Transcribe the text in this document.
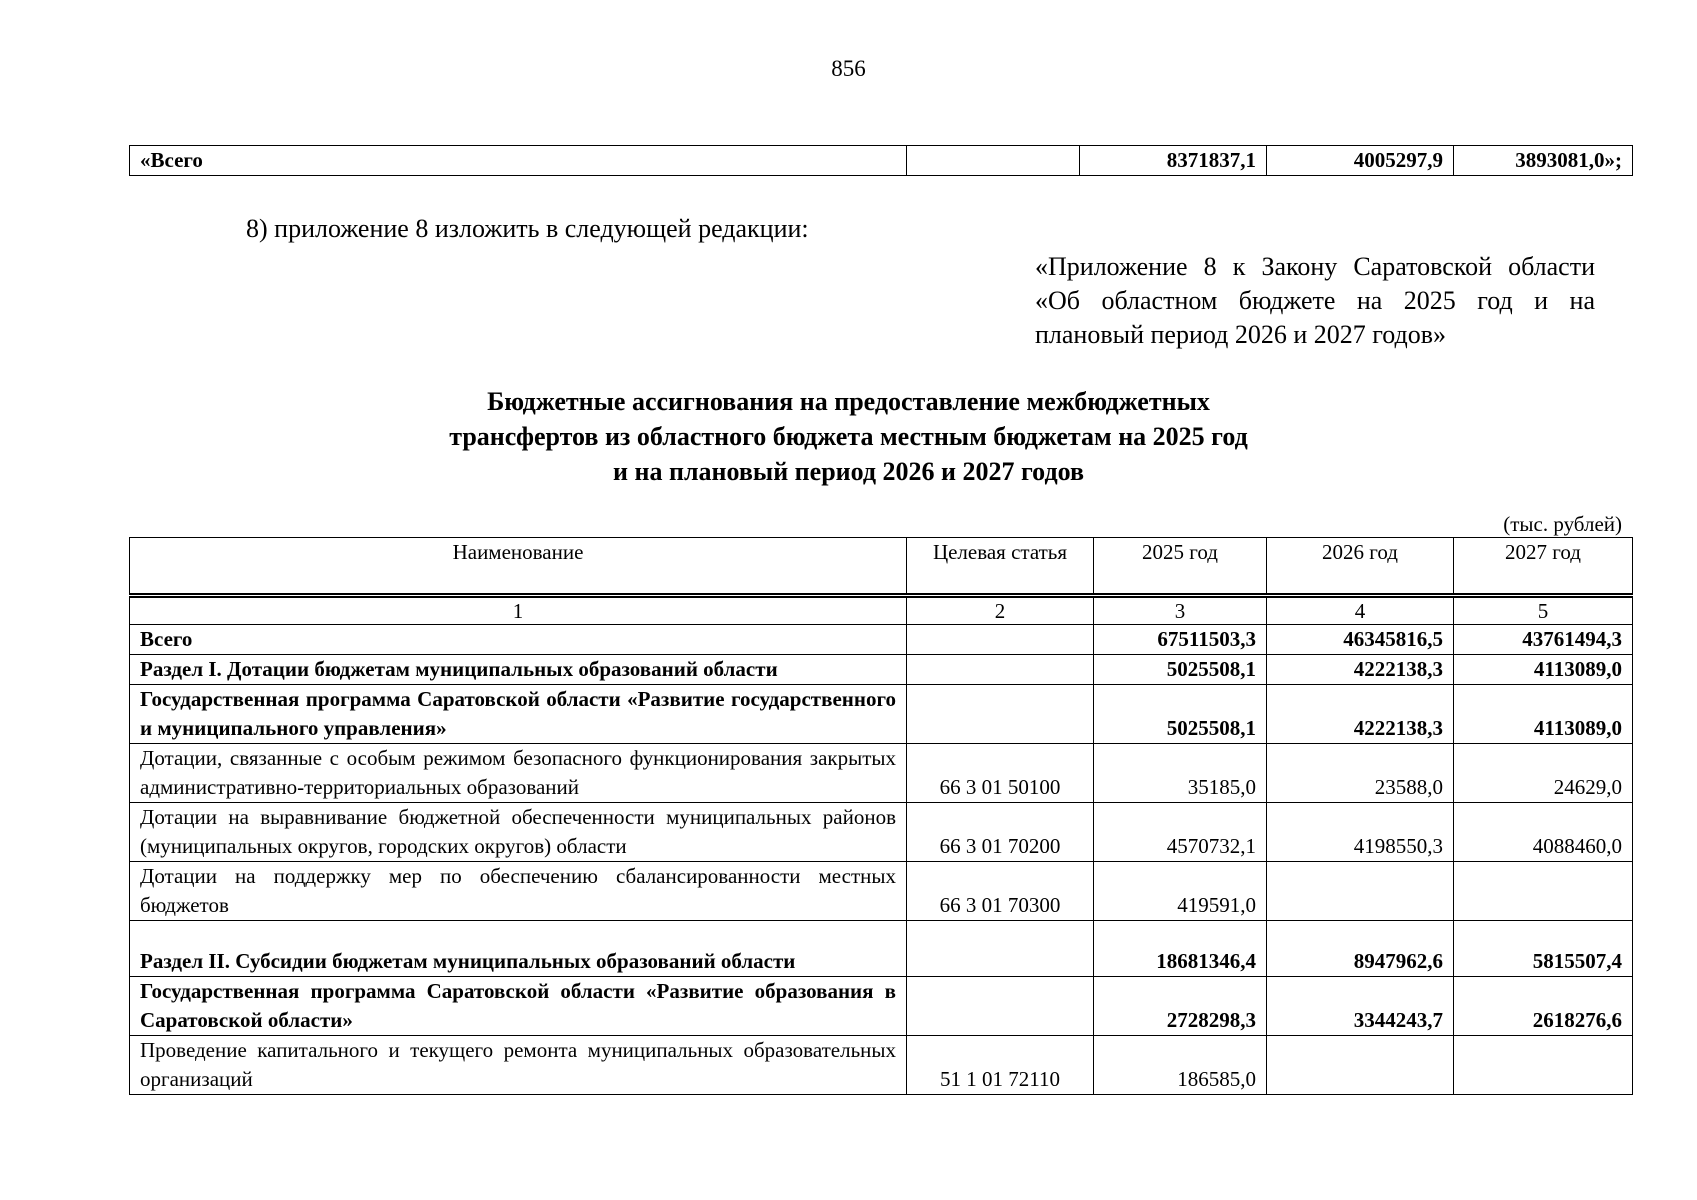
856
«Всего		8371837,1	4005297,9	3893081,0»;
8) приложение 8 изложить в следующей редакции:
«Приложение 8 к Закону Саратовской области «Об областном бюджете на 2025 год и на плановый период 2026 и 2027 годов»
Бюджетные ассигнования на предоставление межбюджетных
трансфертов из областного бюджета местным бюджетам на 2025 год
и на плановый период 2026 и 2027 годов
(тыс. рублей)
Наименование	Целевая статья	2025 год	2026 год	2027 год
1	2	3	4	5
Всего		67511503,3	46345816,5	43761494,3
Раздел I. Дотации бюджетам муниципальных образований области		5025508,1	4222138,3	4113089,0
Государственная программа Саратовской области «Развитие государственного и муниципального управления»		5025508,1	4222138,3	4113089,0
Дотации, связанные с особым режимом безопасного функционирования закрытых административно-территориальных образований	66 3 01 50100	35185,0	23588,0	24629,0
Дотации на выравнивание бюджетной обеспеченности муниципальных районов (муниципальных округов, городских округов) области	66 3 01 70200	4570732,1	4198550,3	4088460,0
Дотации на поддержку мер по обеспечению сбалансированности местных бюджетов	66 3 01 70300	419591,0		
Раздел II. Субсидии бюджетам муниципальных образований области		18681346,4	8947962,6	5815507,4
Государственная программа Саратовской области «Развитие образования в Саратовской области»		2728298,3	3344243,7	2618276,6
Проведение капитального и текущего ремонта муниципальных образовательных организаций	51 1 01 72110	186585,0		
